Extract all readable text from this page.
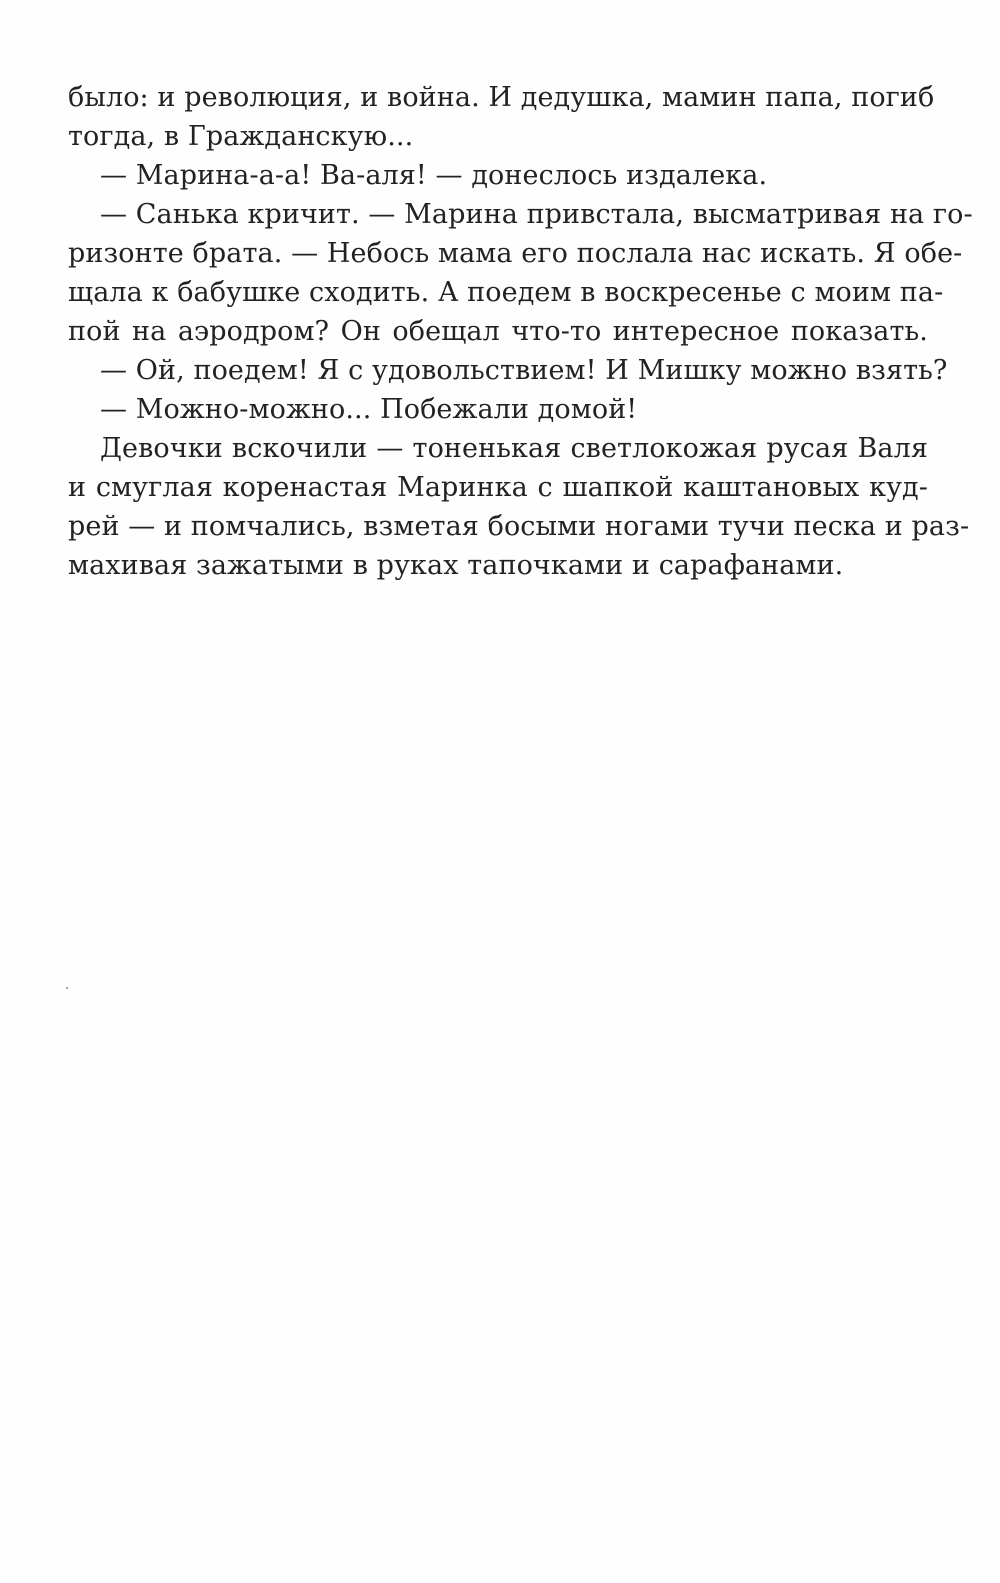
было: и революция, и война. И дедушка, мамин папа, погиб
тогда, в Гражданскую...
— Марина-а-а! Ва-аля! — донеслось издалека.
— Санька кричит. — Марина привстала, высматривая на го-
ризонте брата. — Небось мама его послала нас искать. Я обе-
щала к бабушке сходить. А поедем в воскресенье с моим па-
пой на аэродром? Он обещал что-то интересное показать.
— Ой, поедем! Я с удовольствием! И Мишку можно взять?
— Можно-можно... Побежали домой!
Девочки вскочили — тоненькая светлокожая русая Валя
и смуглая коренастая Маринка с шапкой каштановых куд-
рей — и помчались, взметая босыми ногами тучи песка и раз-
махивая зажатыми в руках тапочками и сарафанами.
